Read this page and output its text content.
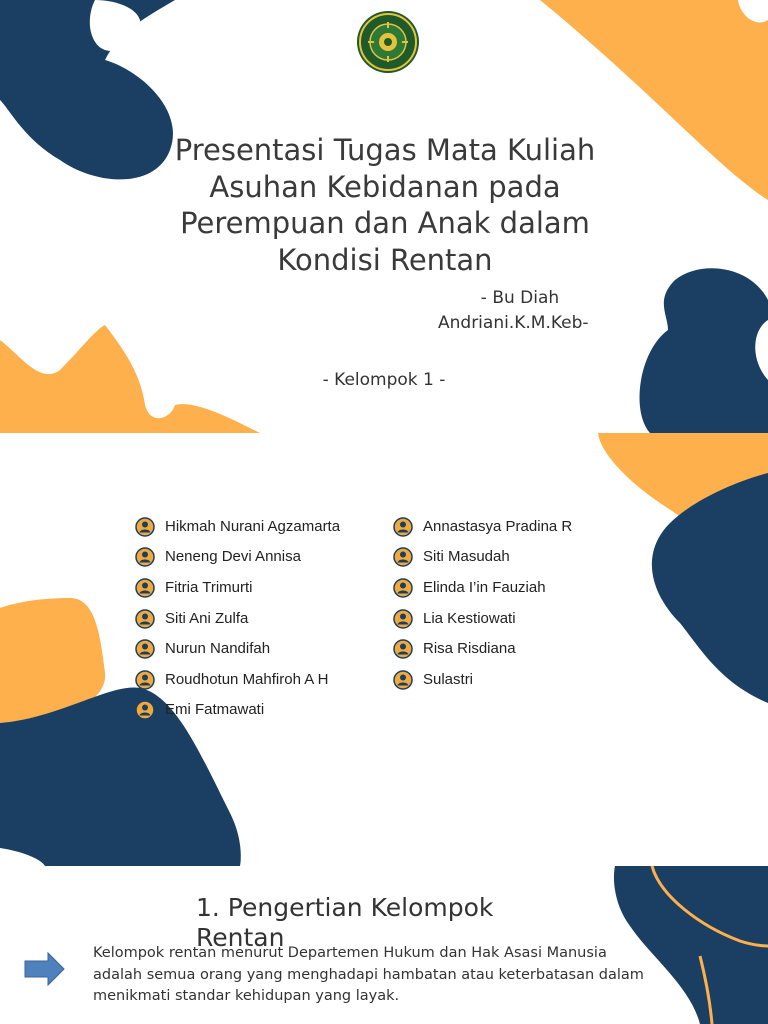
Presentasi Tugas Mata Kuliah
Asuhan Kebidanan pada
Perempuan dan Anak dalam
Kondisi Rentan
- Bu Diah
Andriani.K.M.Keb-
- Kelompok 1 -
Hikmah Nurani Agzamarta
Neneng Devi Annisa
Fitria Trimurti
Siti Ani Zulfa
Nurun Nandifah
Roudhotun Mahfiroh A H
Emi Fatmawati
Annastasya Pradina R
Siti Masudah
Elinda I’in Fauziah
Lia Kestiowati
Risa Risdiana
Sulastri
1. Pengertian Kelompok Rentan
Kelompok rentan menurut Departemen Hukum dan Hak Asasi Manusia adalah semua orang yang menghadapi hambatan atau keterbatasan dalam menikmati standar kehidupan yang layak.
